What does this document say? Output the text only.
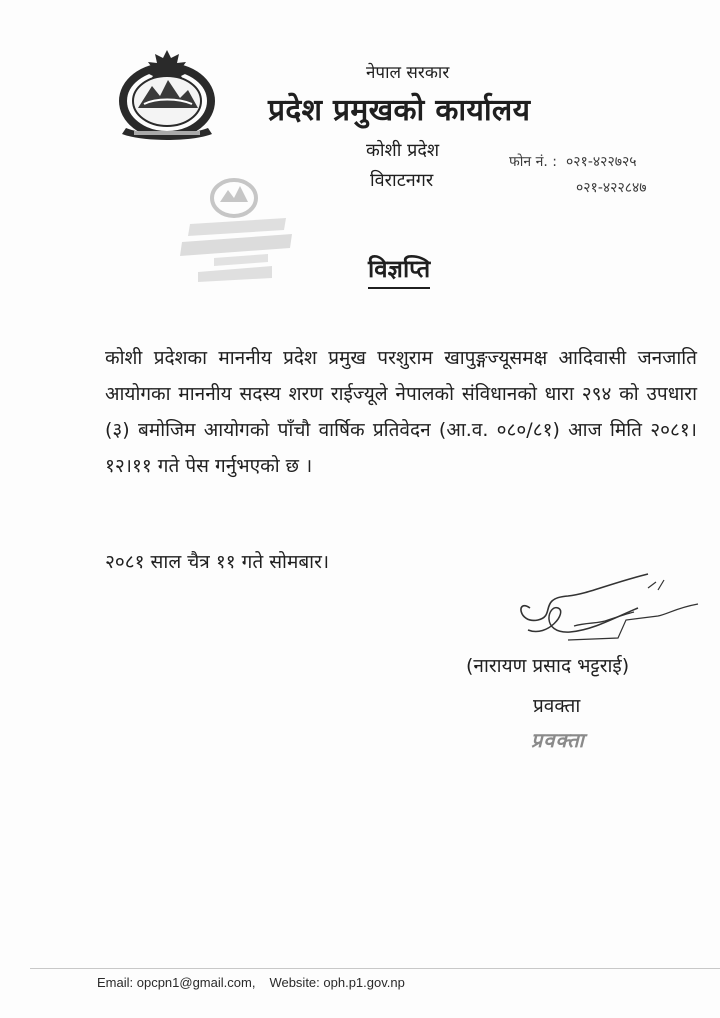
नेपाल सरकार
प्रदेश प्रमुखको कार्यालय
कोशी प्रदेश
विराटनगर
फोन नं. : ०२१-४२२७२५
०२१-४२२८४७
विज्ञप्ति
कोशी प्रदेशका माननीय प्रदेश प्रमुख परशुराम खापुङ्गज्यूसमक्ष आदिवासी जनजाति आयोगका माननीय सदस्य शरण राईज्यूले नेपालको संविधानको धारा २९४ को उपधारा (३) बमोजिम आयोगको पाँचौ वार्षिक प्रतिवेदन (आ.व. ०८०/८१) आज मिति २०८१।१२।११ गते पेस गर्नुभएको छ ।
२०८१ साल चैत्र ११ गते सोमबार।
(नारायण प्रसाद भट्टराई)
प्रवक्ता
प्रवक्ता
Email: opcpn1@gmail.com, Website: oph.p1.gov.np
